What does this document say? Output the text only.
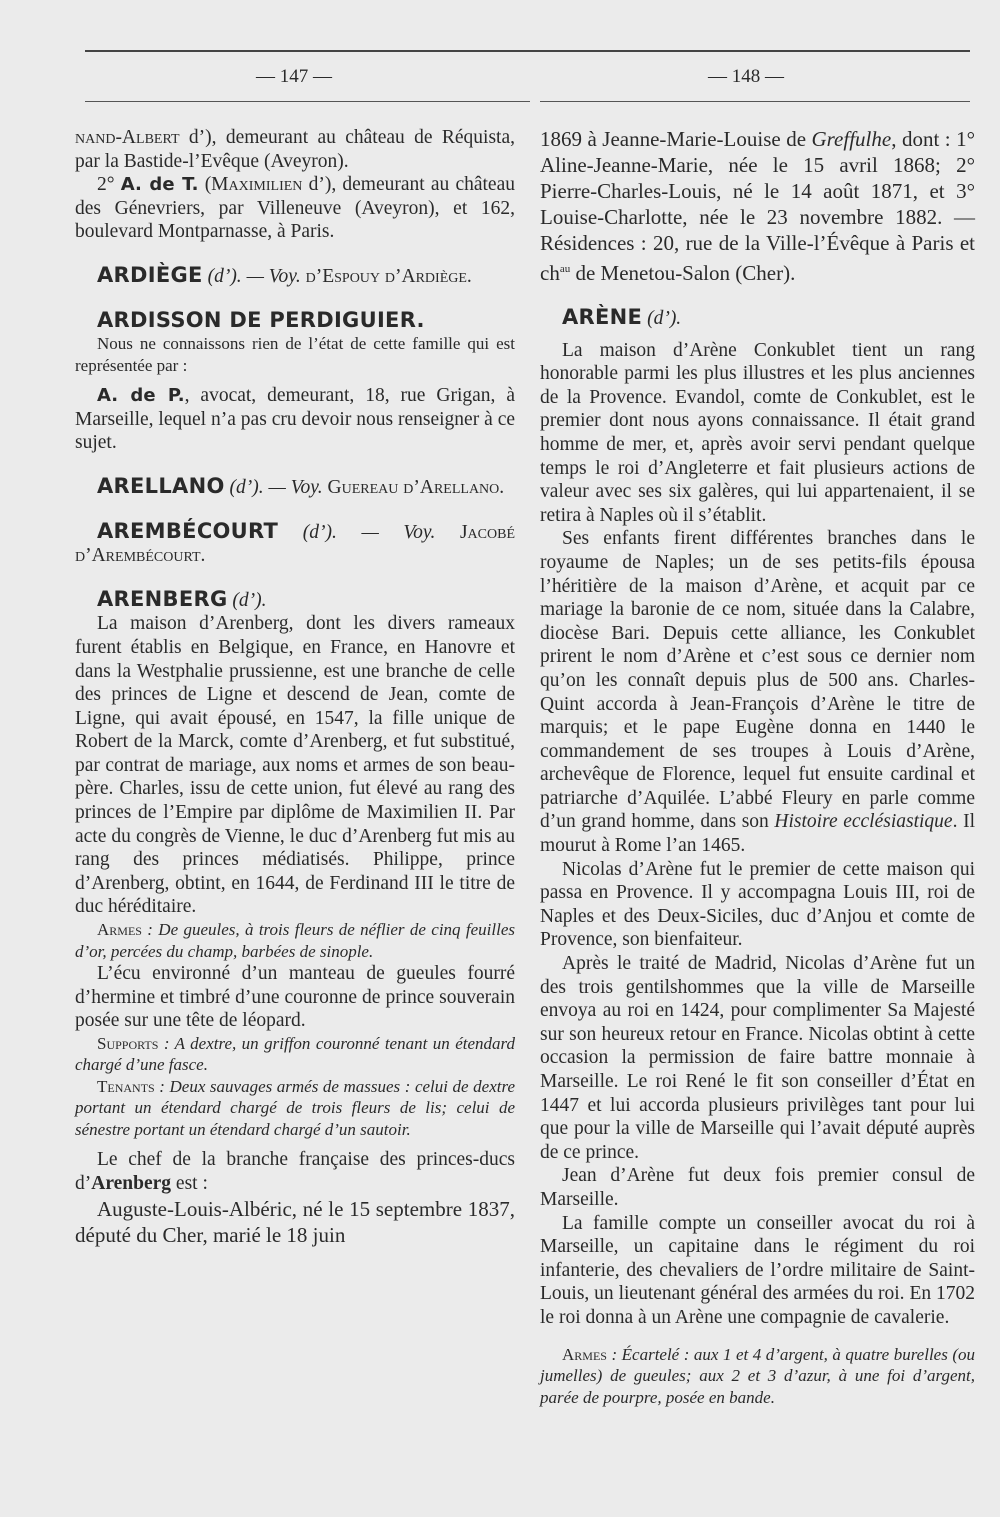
— 147 —	— 148 —

nand-Albert d’), demeurant au château de Réquista, par la Bastide-l’Evêque (Aveyron).

2° A. de T. (Maximilien d’), demeurant au château des Génevriers, par Villeneuve (Aveyron), et 162, boulevard Montparnasse, à Paris.

ARDIÈGE (d’). — Voy. d’Espouy d’Ardiège.

ARDISSON DE PERDIGUIER.

Nous ne connaissons rien de l’état de cette famille qui est représentée par :

A. de P., avocat, demeurant, 18, rue Grigan, à Marseille, lequel n’a pas cru devoir nous renseigner à ce sujet.

ARELLANO (d’). — Voy. Guereau d’Arellano.

AREMBÉCOURT (d’). — Voy. Jacobé d’Arembécourt.

ARENBERG (d’).

La maison d’Arenberg, dont les divers rameaux furent établis en Belgique, en France, en Hanovre et dans la Westphalie prussienne, est une branche de celle des princes de Ligne et descend de Jean, comte de Ligne, qui avait épousé, en 1547, la fille unique de Robert de la Marck, comte d’Arenberg, et fut substitué, par contrat de mariage, aux noms et armes de son beau-père. Charles, issu de cette union, fut élevé au rang des princes de l’Empire par diplôme de Maximilien II. Par acte du congrès de Vienne, le duc d’Arenberg fut mis au rang des princes médiatisés. Philippe, prince d’Arenberg, obtint, en 1644, de Ferdinand III le titre de duc héréditaire.

Armes : De gueules, à trois fleurs de néflier de cinq feuilles d’or, percées du champ, barbées de sinople.

L’écu environné d’un manteau de gueules fourré d’hermine et timbré d’une couronne de prince souverain posée sur une tête de léopard.

Supports : A dextre, un griffon couronné tenant un étendard chargé d’une fasce.

Tenants : Deux sauvages armés de massues : celui de dextre portant un étendard chargé de trois fleurs de lis; celui de sénestre portant un étendard chargé d’un sautoir.

Le chef de la branche française des princes-ducs d’Arenberg est :

Auguste-Louis-Albéric, né le 15 septembre 1837, député du Cher, marié le 18 juin

1869 à Jeanne-Marie-Louise de Greffulhe, dont : 1° Aline-Jeanne-Marie, née le 15 avril 1868; 2° Pierre-Charles-Louis, né le 14 août 1871, et 3° Louise-Charlotte, née le 23 novembre 1882. — Résidences : 20, rue de la Ville-l’Évêque à Paris et $ch^{au}$ de Menetou-Salon (Cher).

ARÈNE (d’).

La maison d’Arène Conkublet tient un rang honorable parmi les plus illustres et les plus anciennes de la Provence. Evandol, comte de Conkublet, est le premier dont nous ayons connaissance. Il était grand homme de mer, et, après avoir servi pendant quelque temps le roi d’Angleterre et fait plusieurs actions de valeur avec ses six galères, qui lui appartenaient, il se retira à Naples où il s’établit.

Ses enfants firent différentes branches dans le royaume de Naples; un de ses petits-fils épousa l’héritière de la maison d’Arène, et acquit par ce mariage la baronie de ce nom, située dans la Calabre, diocèse Bari. Depuis cette alliance, les Conkublet prirent le nom d’Arène et c’est sous ce dernier nom qu’on les connaît depuis plus de 500 ans. Charles-Quint accorda à Jean-François d’Arène le titre de marquis; et le pape Eugène donna en 1440 le commandement de ses troupes à Louis d’Arène, archevêque de Florence, lequel fut ensuite cardinal et patriarche d’Aquilée. L’abbé Fleury en parle comme d’un grand homme, dans son Histoire ecclésiastique. Il mourut à Rome l’an 1465.

Nicolas d’Arène fut le premier de cette maison qui passa en Provence. Il y accompagna Louis III, roi de Naples et des Deux-Siciles, duc d’Anjou et comte de Provence, son bienfaiteur.

Après le traité de Madrid, Nicolas d’Arène fut un des trois gentilshommes que la ville de Marseille envoya au roi en 1424, pour complimenter Sa Majesté sur son heureux retour en France. Nicolas obtint à cette occasion la permission de faire battre monnaie à Marseille. Le roi René le fit son conseiller d’État en 1447 et lui accorda plusieurs privilèges tant pour lui que pour la ville de Marseille qui l’avait député auprès de ce prince.

Jean d’Arène fut deux fois premier consul de Marseille.

La famille compte un conseiller avocat du roi à Marseille, un capitaine dans le régiment du roi infanterie, des chevaliers de l’ordre militaire de Saint-Louis, un lieutenant général des armées du roi. En 1702 le roi donna à un Arène une compagnie de cavalerie.

Armes : Écartelé : aux 1 et 4 d’argent, à quatre burelles (ou jumelles) de gueules; aux 2 et 3 d’azur, à une foi d’argent, parée de pourpre, posée en bande.
